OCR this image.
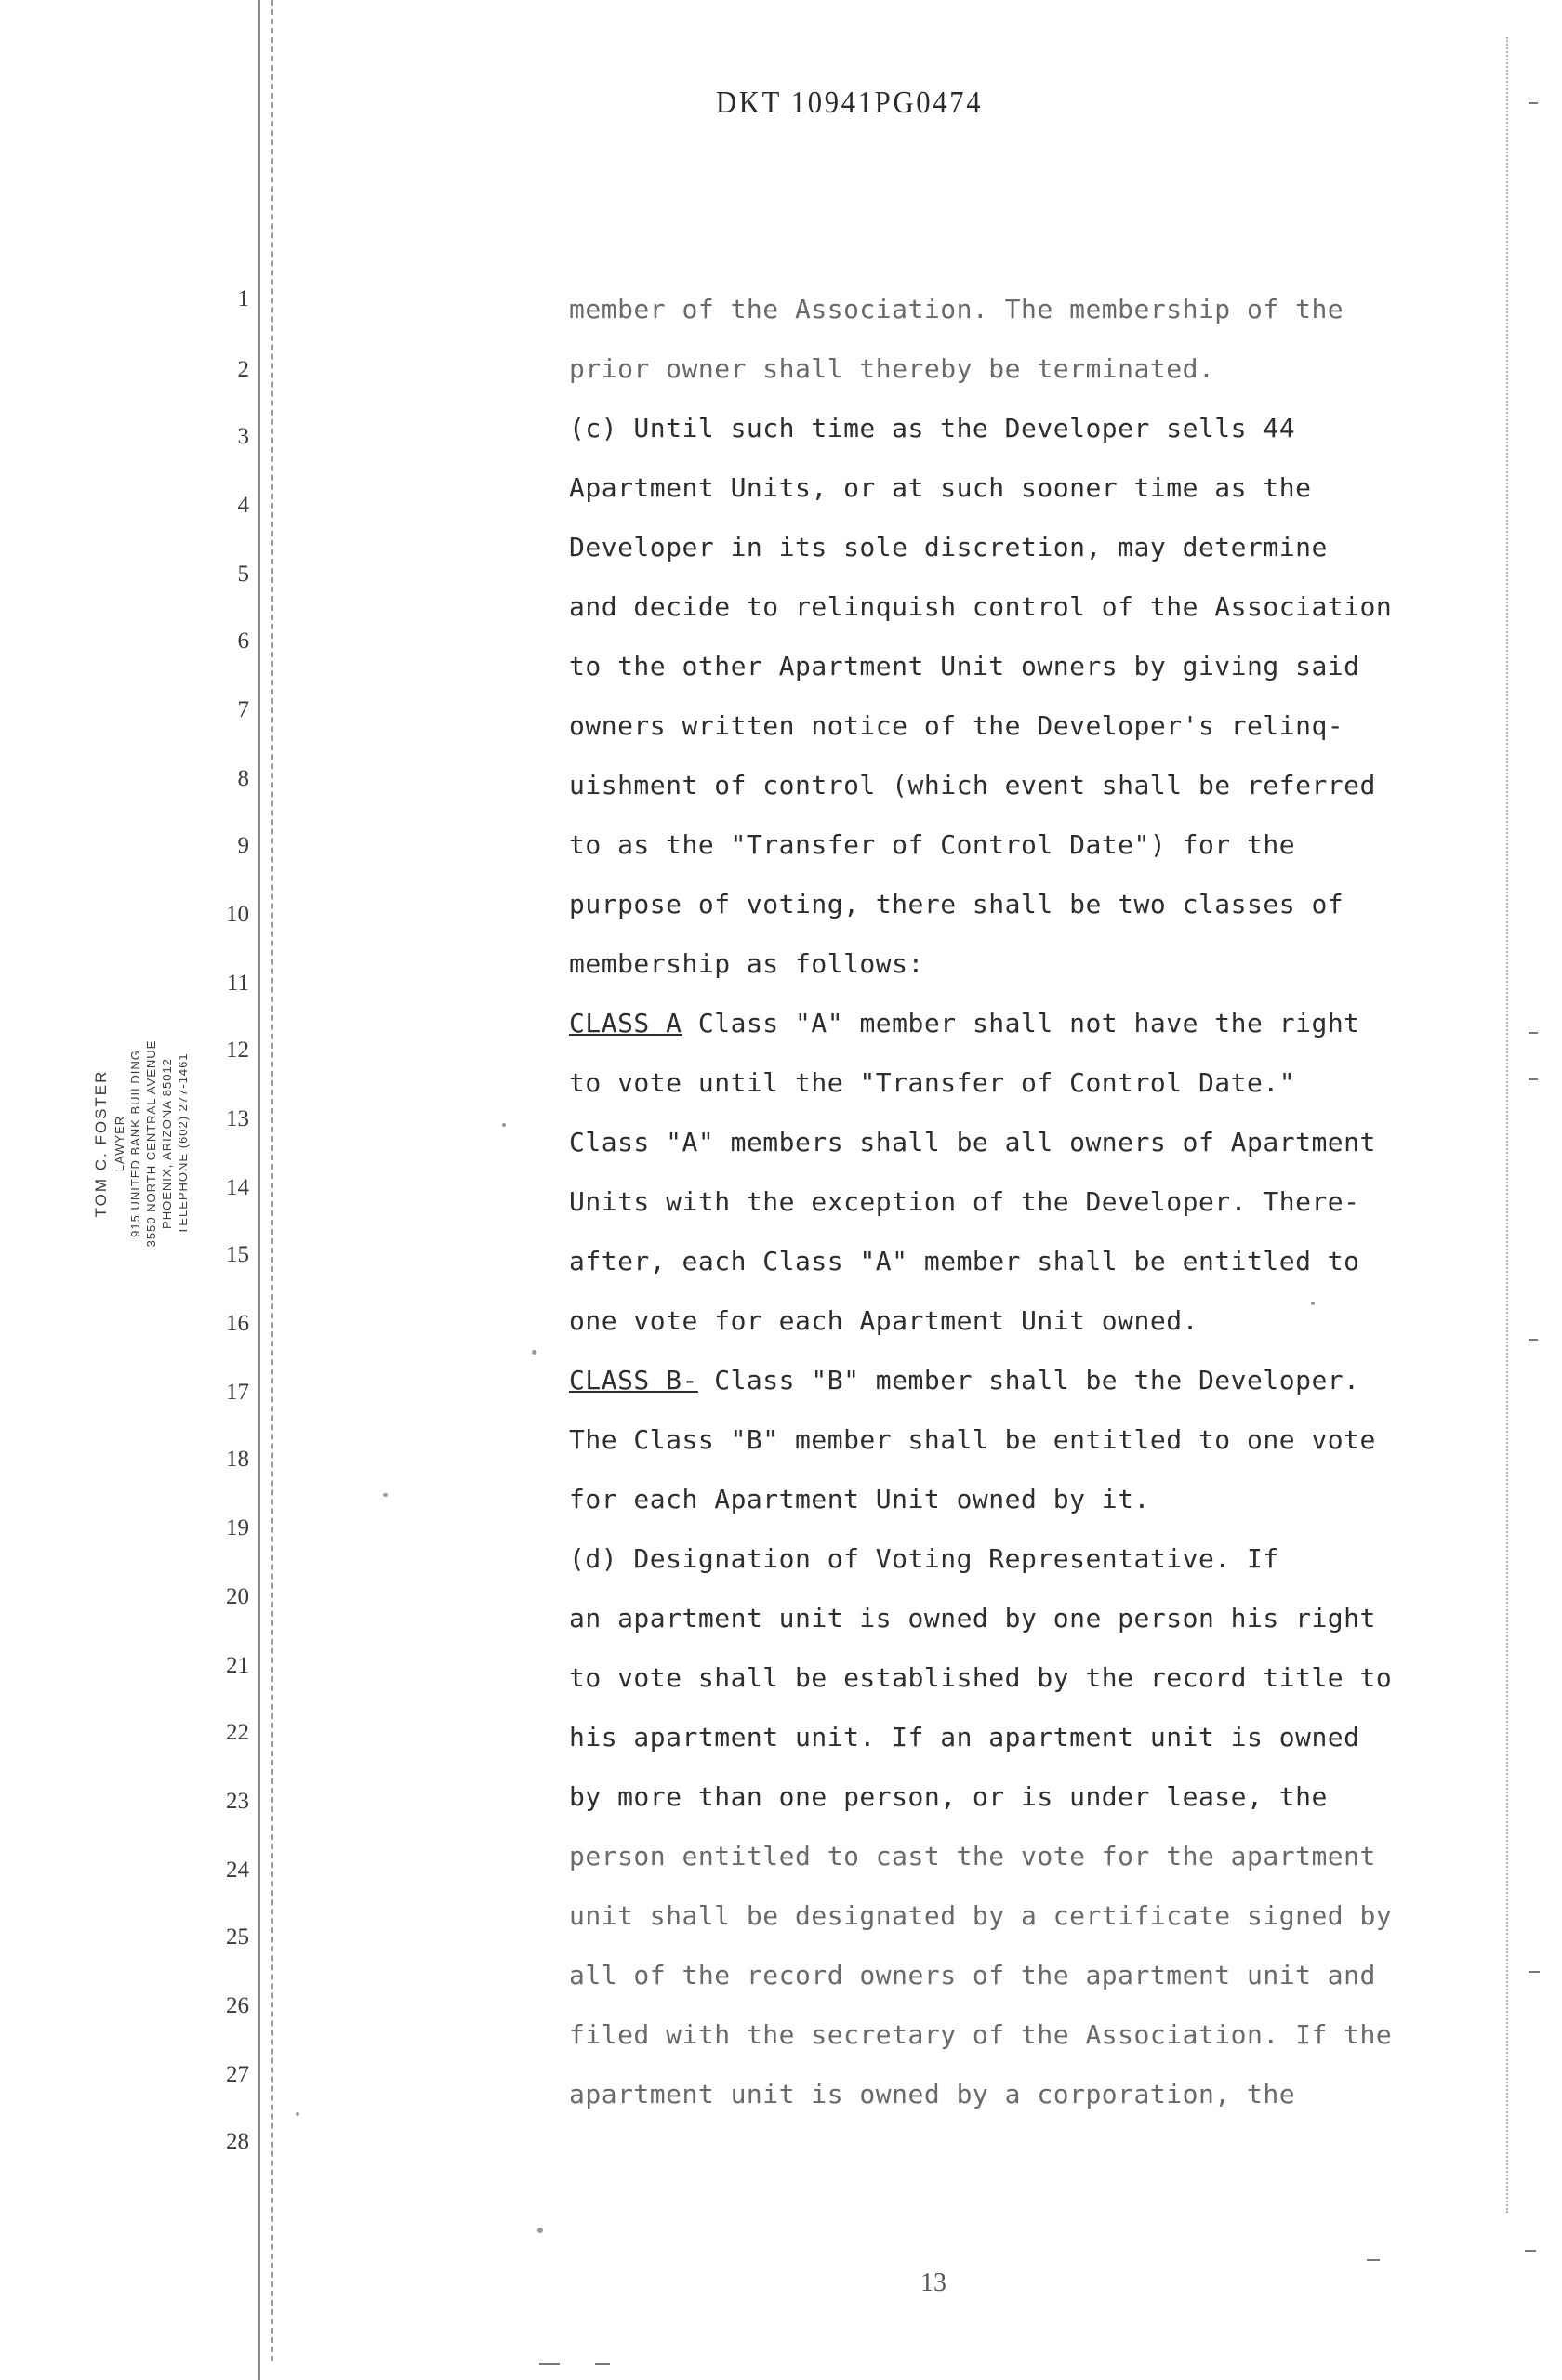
DKT 10941PG0474
1
2
3
4
5
6
7
8
9
10
11
12
13
14
15
16
17
18
19
20
21
22
23
24
25
26
27
28
TOM C. FOSTER LAWYER 915 UNITED BANK BUILDING 3550 NORTH CENTRAL AVENUE PHOENIX, ARIZONA 85012 TELEPHONE (602) 277-1461
member of the Association. The membership of the
prior owner shall thereby be terminated.
(c) Until such time as the Developer sells 44
Apartment Units, or at such sooner time as the
Developer in its sole discretion, may determine
and decide to relinquish control of the Association
to the other Apartment Unit owners by giving said
owners written notice of the Developer's relinq-
uishment of control (which event shall be referred
to as the "Transfer of Control Date") for the
purpose of voting, there shall be two classes of
membership as follows:
CLASS A Class "A" member shall not have the right
to vote until the "Transfer of Control Date."
Class "A" members shall be all owners of Apartment
Units with the exception of the Developer. There-
after, each Class "A" member shall be entitled to
one vote for each Apartment Unit owned.
CLASS B- Class "B" member shall be the Developer.
The Class "B" member shall be entitled to one vote
for each Apartment Unit owned by it.
(d) Designation of Voting Representative. If
an apartment unit is owned by one person his right
to vote shall be established by the record title to
his apartment unit. If an apartment unit is owned
by more than one person, or is under lease, the
person entitled to cast the vote for the apartment
unit shall be designated by a certificate signed by
all of the record owners of the apartment unit and
filed with the secretary of the Association. If the
apartment unit is owned by a corporation, the
13
